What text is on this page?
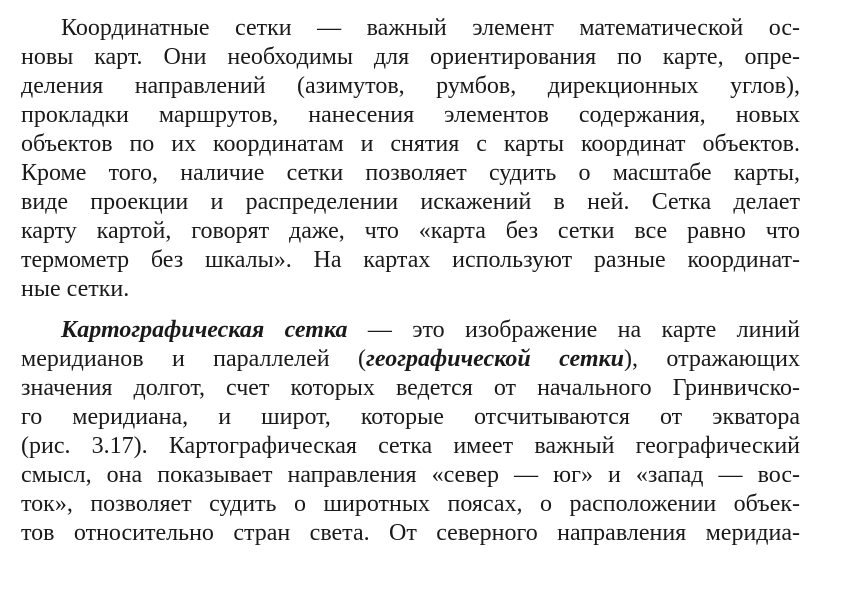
Координатные сетки — важный элемент математической ос-
новы карт. Они необходимы для ориентирования по карте, опре-
деления направлений (азимутов, румбов, дирекционных углов),
прокладки маршрутов, нанесения элементов содержания, новых
объектов по их координатам и снятия с карты координат объектов.
Кроме того, наличие сетки позволяет судить о масштабе карты,
виде проекции и распределении искажений в ней. Сетка делает
карту картой, говорят даже, что «карта без сетки все равно что
термометр без шкалы». На картах используют разные координат-
ные сетки.
Картографическая сетка — это изображение на карте линий
меридианов и параллелей (географической сетки), отражающих
значения долгот, счет которых ведется от начального Гринвичско-
го меридиана, и широт, которые отсчитываются от экватора
(рис. 3.17). Картографическая сетка имеет важный географический
смысл, она показывает направления «север — юг» и «запад — вос-
ток», позволяет судить о широтных поясах, о расположении объек-
тов относительно стран света. От северного направления меридиа-
